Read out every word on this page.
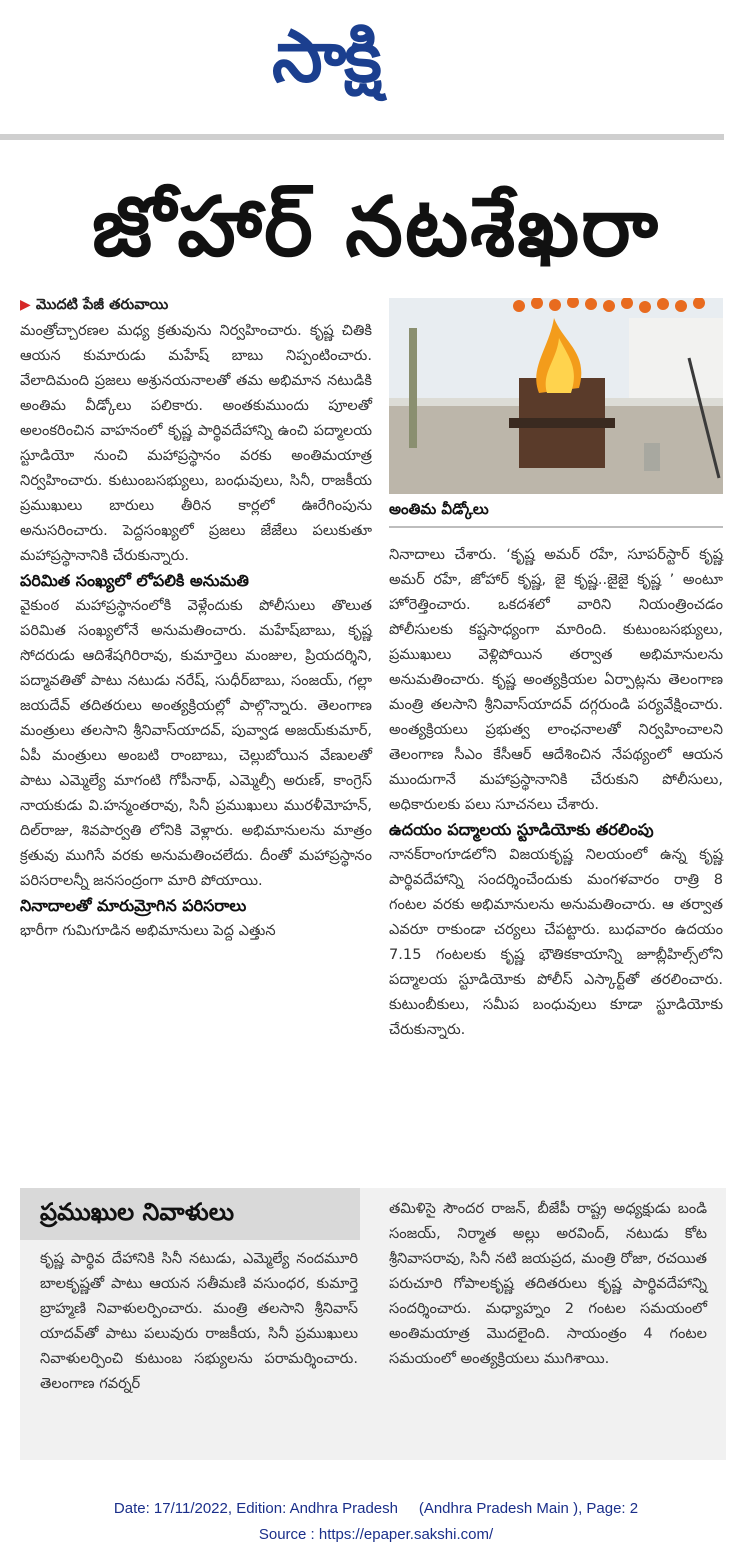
సాక్షి
జోహార్ నటశేఖరా

▶ మొదటి పేజీ తరువాయి

మంత్రోచ్చారణల మధ్య క్రతువును నిర్వహించారు. కృష్ణ చితికి ఆయన కుమారుడు మహేష్ బాబు నిప్పంటించారు. వేలాదిమంది ప్రజలు అశ్రునయనాలతో తమ అభిమాన నటుడికి అంతిమ వీడ్కోలు పలికారు. అంతకుముందు పూలతో అలంకరించిన వాహనంలో కృష్ణ పార్థివదేహాన్ని ఉంచి పద్మాలయ స్టూడియో నుంచి మహాప్రస్థానం వరకు అంతిమయాత్ర నిర్వహించారు. కుటుంబసభ్యులు, బంధువులు, సినీ, రాజకీయ ప్రముఖులు బారులు తీరిన కార్లలో ఊరేగింపును అనుసరించారు. పెద్దసంఖ్యలో ప్రజలు జేజేలు పలుకుతూ మహాప్రస్థానానికి చేరుకున్నారు.

పరిమిత సంఖ్యలో లోపలికి అనుమతి

వైకుంఠ మహాప్రస్థానంలోకి వెళ్లేందుకు పోలీసులు తొలుత పరిమిత సంఖ్యలోనే అనుమతించారు. మహేష్‌బాబు, కృష్ణ సోదరుడు ఆదిశేషగిరిరావు, కుమార్తెలు మంజుల, ప్రియదర్శిని, పద్మావతితో పాటు నటుడు నరేష్, సుధీర్‌బాబు, సంజయ్, గల్లా జయదేవ్ తదితరులు అంత్యక్రియల్లో పాల్గొన్నారు. తెలంగాణ మంత్రులు తలసాని శ్రీనివాస్‌యాదవ్, పువ్వాడ అజయ్‌కుమార్, ఏపీ మంత్రులు అంబటి రాంబాబు, చెల్లుబోయిన వేణులతో పాటు ఎమ్మెల్యే మాగంటి గోపీనాథ్, ఎమ్మెల్సీ అరుణ్, కాంగ్రెస్ నాయకుడు వి.హన్మంతరావు, సినీ ప్రముఖులు మురళీమోహన్, దిల్‌రాజు, శివపార్వతి లోనికి వెళ్లారు. అభిమానులను మాత్రం క్రతువు ముగిసే వరకు అనుమతించలేదు. దీంతో మహాప్రస్థానం పరిసరాలన్నీ జనసంద్రంగా మారి పోయాయి.

నినాదాలతో మారుమ్రోగిన పరిసరాలు

భారీగా గుమిగూడిన అభిమానులు పెద్ద ఎత్తున

అంతిమ వీడ్కోలు

నినాదాలు చేశారు. ‘కృష్ణ అమర్ రహే, సూపర్‌స్టార్ కృష్ణ అమర్ రహే, జోహార్ కృష్ణ, జై కృష్ణ..జైజై కృష్ణ ’ అంటూ హోరెత్తించారు. ఒకదశలో వారిని నియంత్రించడం పోలీసులకు కష్టసాధ్యంగా మారింది. కుటుంబసభ్యులు, ప్రముఖులు వెళ్లిపోయిన తర్వాత అభిమానులను అనుమతించారు. కృష్ణ అంత్యక్రియల ఏర్పాట్లను తెలంగాణ మంత్రి తలసాని శ్రీనివాస్‌యాదవ్ దగ్గరుండి పర్యవేక్షించారు. అంత్యక్రియలు ప్రభుత్వ లాంఛనాలతో నిర్వహించాలని తెలంగాణ సీఎం కేసీఆర్ ఆదేశించిన నేపథ్యంలో ఆయన ముందుగానే మహాప్రస్థానానికి చేరుకుని పోలీసులు, అధికారులకు పలు సూచనలు చేశారు.

ఉదయం పద్మాలయ స్టూడియోకు తరలింపు

నానక్‌రాంగూడలోని విజయకృష్ణ నిలయంలో ఉన్న కృష్ణ పార్థివదేహాన్ని సందర్శించేందుకు మంగళవారం రాత్రి 8 గంటల వరకు అభిమానులను అనుమతించారు. ఆ తర్వాత ఎవరూ రాకుండా చర్యలు చేపట్టారు. బుధవారం ఉదయం 7.15 గంటలకు కృష్ణ భౌతికకాయాన్ని జూబ్లీహిల్స్‌లోని పద్మాలయ స్టూడియోకు పోలీస్ ఎస్కార్ట్‌తో తరలించారు. కుటుంబీకులు, సమీప బంధువులు కూడా స్టూడియోకు చేరుకున్నారు.

ప్రముఖుల నివాళులు

కృష్ణ పార్థివ దేహానికి సినీ నటుడు, ఎమ్మెల్యే నందమూరి బాలకృష్ణతో పాటు ఆయన సతీమణి వసుంధర, కుమార్తె బ్రాహ్మణి నివాళులర్పించారు. మంత్రి తలసాని శ్రీనివాస్ యాదవ్‌తో పాటు పలువురు రాజకీయ, సినీ ప్రముఖులు నివాళులర్పించి కుటుంబ సభ్యులను పరామర్శించారు. తెలంగాణ గవర్నర్

తమిళిసై సౌందర రాజన్, బీజేపీ రాష్ట్ర అధ్యక్షుడు బండి సంజయ్, నిర్మాత అల్లు అరవింద్, నటుడు కోట శ్రీనివాసరావు, సినీ నటి జయప్రద, మంత్రి రోజా, రచయిత పరుచూరి గోపాలకృష్ణ తదితరులు కృష్ణ పార్థివదేహాన్ని సందర్శించారు. మధ్యాహ్నం 2 గంటల సమయంలో అంతిమయాత్ర మొదలైంది. సాయంత్రం 4 గంటల సమయంలో అంత్యక్రియలు ముగిశాయి.

Date: 17/11/2022, Edition: Andhra Pradesh     (Andhra Pradesh Main ), Page: 2
Source : https://epaper.sakshi.com/
